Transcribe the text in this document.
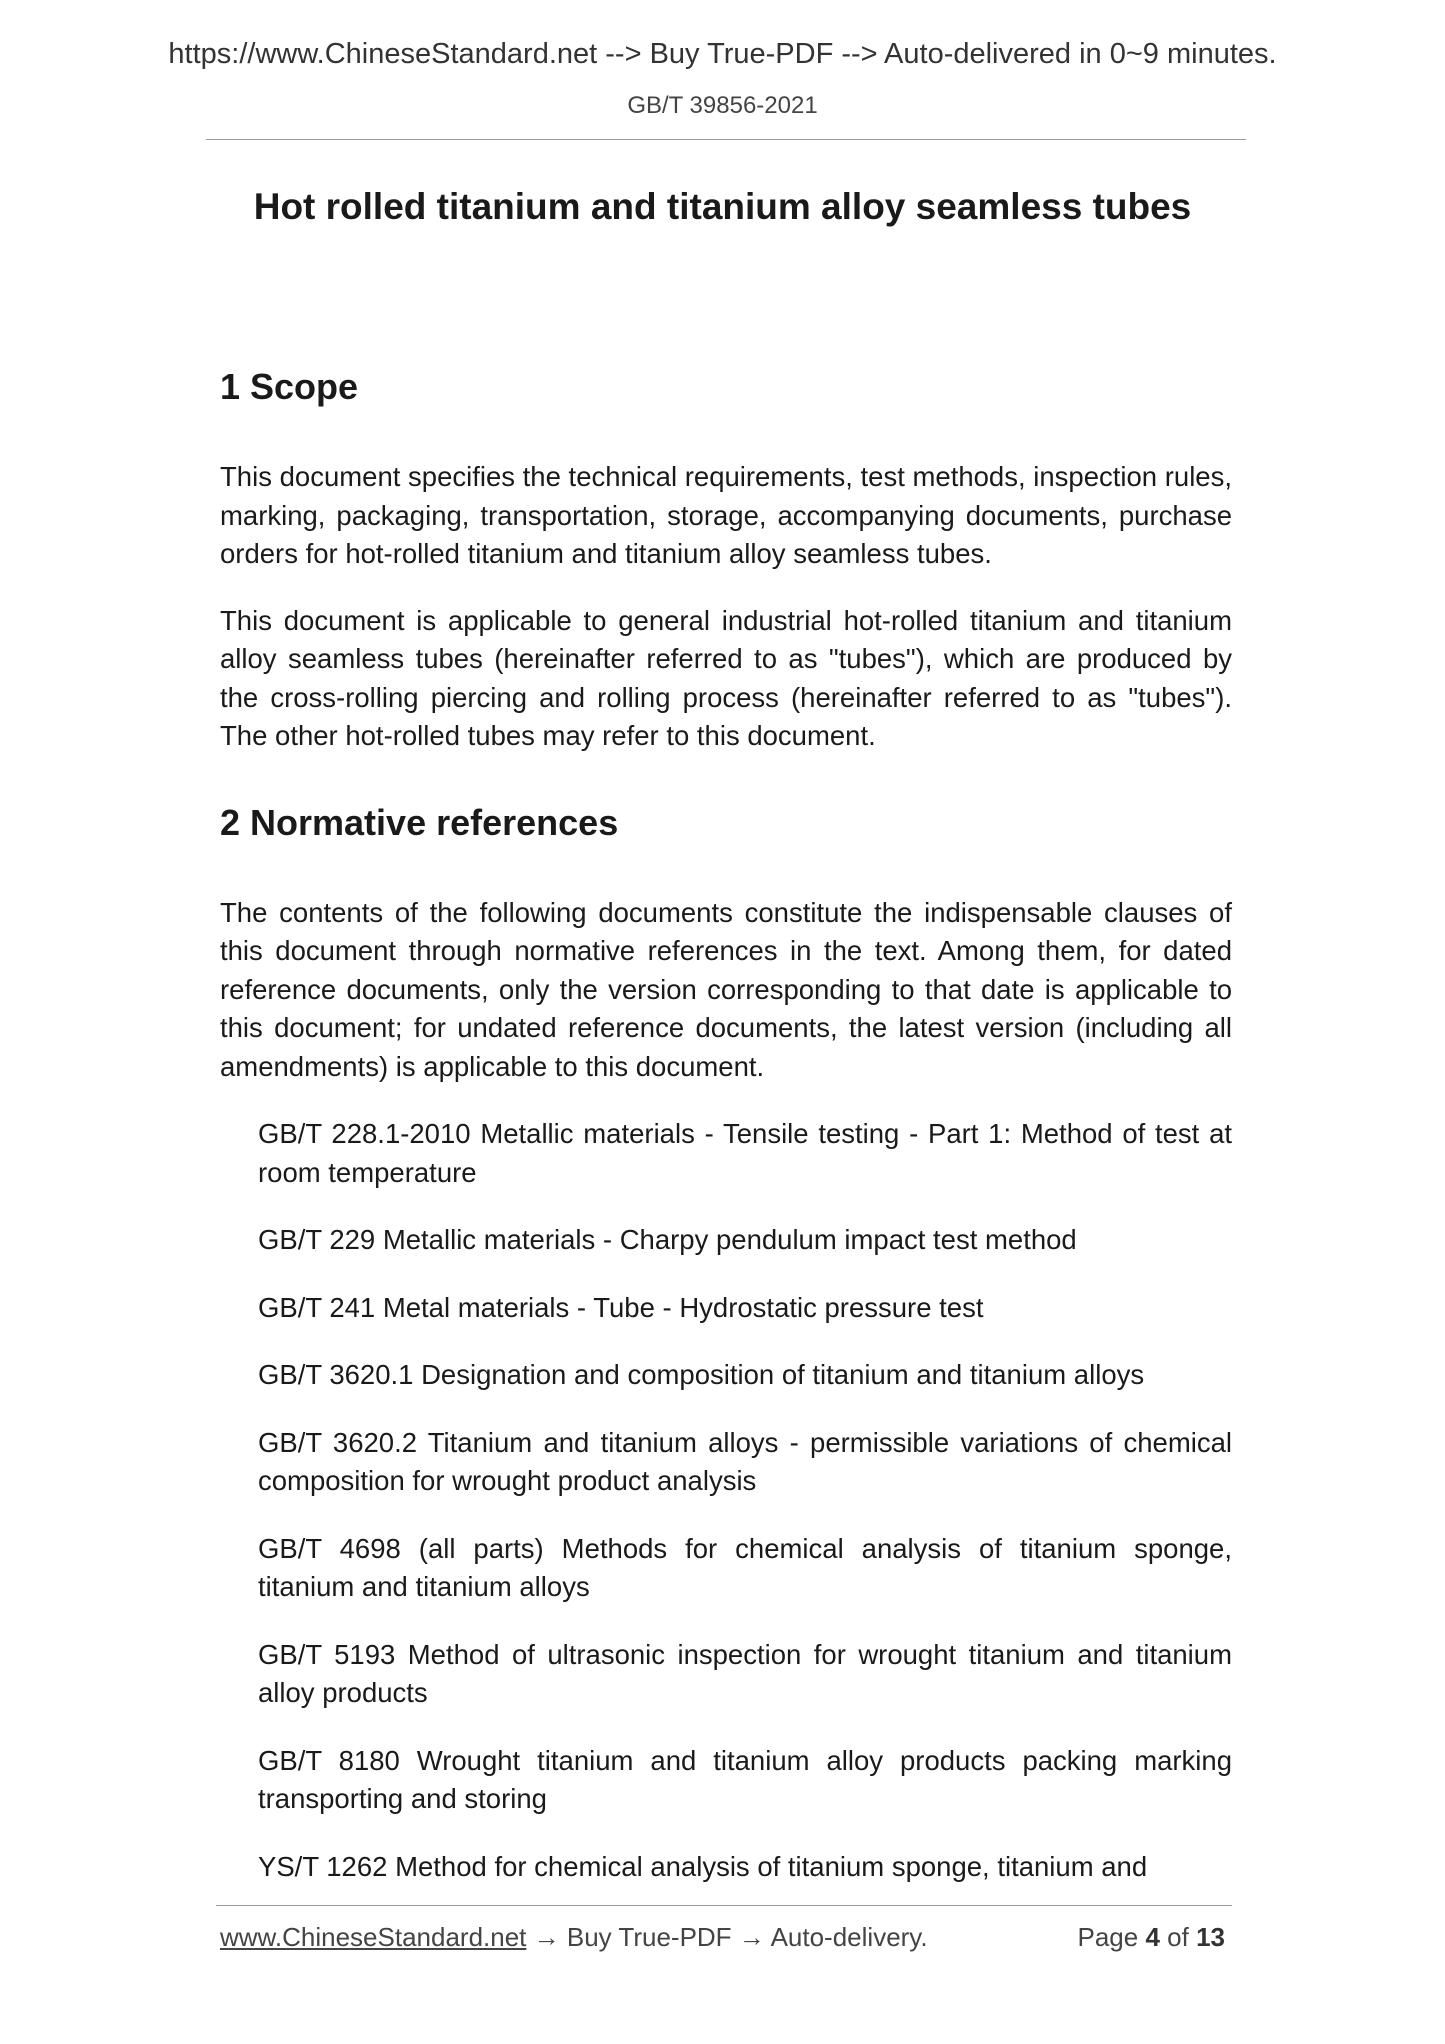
https://www.ChineseStandard.net --> Buy True-PDF --> Auto-delivered in 0~9 minutes.
GB/T 39856-2021
Hot rolled titanium and titanium alloy seamless tubes
1 Scope

This document specifies the technical requirements, test methods, inspection rules, marking, packaging, transportation, storage, accompanying documents, purchase orders for hot-rolled titanium and titanium alloy seamless tubes.

This document is applicable to general industrial hot-rolled titanium and titanium alloy seamless tubes (hereinafter referred to as "tubes"), which are produced by the cross-rolling piercing and rolling process (hereinafter referred to as "tubes"). The other hot-rolled tubes may refer to this document.

2 Normative references

The contents of the following documents constitute the indispensable clauses of this document through normative references in the text. Among them, for dated reference documents, only the version corresponding to that date is applicable to this document; for undated reference documents, the latest version (including all amendments) is applicable to this document.

GB/T 228.1-2010 Metallic materials - Tensile testing - Part 1: Method of test at room temperature
GB/T 229 Metallic materials - Charpy pendulum impact test method
GB/T 241 Metal materials - Tube - Hydrostatic pressure test
GB/T 3620.1 Designation and composition of titanium and titanium alloys
GB/T 3620.2 Titanium and titanium alloys - permissible variations of chemical composition for wrought product analysis
GB/T 4698 (all parts) Methods for chemical analysis of titanium sponge, titanium and titanium alloys
GB/T 5193 Method of ultrasonic inspection for wrought titanium and titanium alloy products
GB/T 8180 Wrought titanium and titanium alloy products packing marking transporting and storing
YS/T 1262 Method for chemical analysis of titanium sponge, titanium and
www.ChineseStandard.net → Buy True-PDF → Auto-delivery.	Page 4 of 13
